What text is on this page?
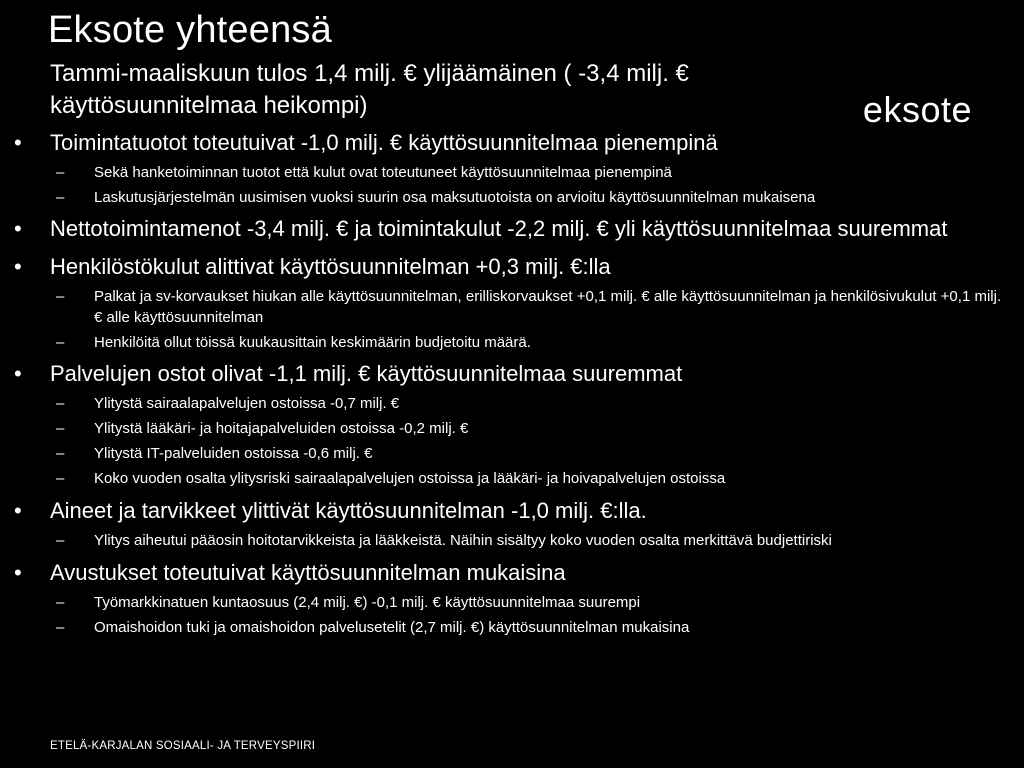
Eksote yhteensä

Tammi-maaliskuun tulos 1,4 milj. € ylijäämäinen ( -3,4 milj. € käyttösuunnitelmaa heikompi)	eksote
• Toimintatuotot toteutuivat -1,0 milj. € käyttösuunnitelmaa pienempinä
– Sekä hanketoiminnan tuotot että kulut ovat toteutuneet käyttösuunnitelmaa pienempinä
– Laskutusjärjestelmän uusimisen vuoksi suurin osa maksutuotoista on arvioitu käyttösuunnitelman mukaisena
• Nettotoimintamenot -3,4 milj. € ja toimintakulut -2,2 milj. € yli käyttösuunnitelmaa suuremmat
• Henkilöstökulut alittivat käyttösuunnitelman +0,3 milj. €:lla
– Palkat ja sv-korvaukset hiukan alle käyttösuunnitelman, erilliskorvaukset +0,1 milj. € alle käyttösuunnitelman ja henkilösivukulut +0,1 milj. € alle käyttösuunnitelman
– Henkilöitä ollut töissä kuukausittain keskimäärin budjetoitu määrä.
• Palvelujen ostot olivat -1,1 milj. € käyttösuunnitelmaa suuremmat
– Ylitystä sairaalapalvelujen ostoissa -0,7 milj. €
– Ylitystä lääkäri- ja hoitajapalveluiden ostoissa -0,2 milj. €
– Ylitystä IT-palveluiden ostoissa -0,6 milj. €
– Koko vuoden osalta ylitysriski sairaalapalvelujen ostoissa ja lääkäri- ja hoivapalvelujen ostoissa
• Aineet ja tarvikkeet ylittivät käyttösuunnitelman -1,0 milj. €:lla.
– Ylitys aiheutui pääosin hoitotarvikkeista ja lääkkeistä. Näihin sisältyy koko vuoden osalta merkittävä budjettiriski
• Avustukset toteutuivat käyttösuunnitelman mukaisina
– Työmarkkinatuen kuntaosuus (2,4 milj. €) -0,1 milj. € käyttösuunnitelmaa suurempi
– Omaishoidon tuki ja omaishoidon palvelusetelit (2,7 milj. €) käyttösuunnitelman mukaisina
ETELÄ-KARJALAN SOSIAALI- JA TERVEYSPIIRI
